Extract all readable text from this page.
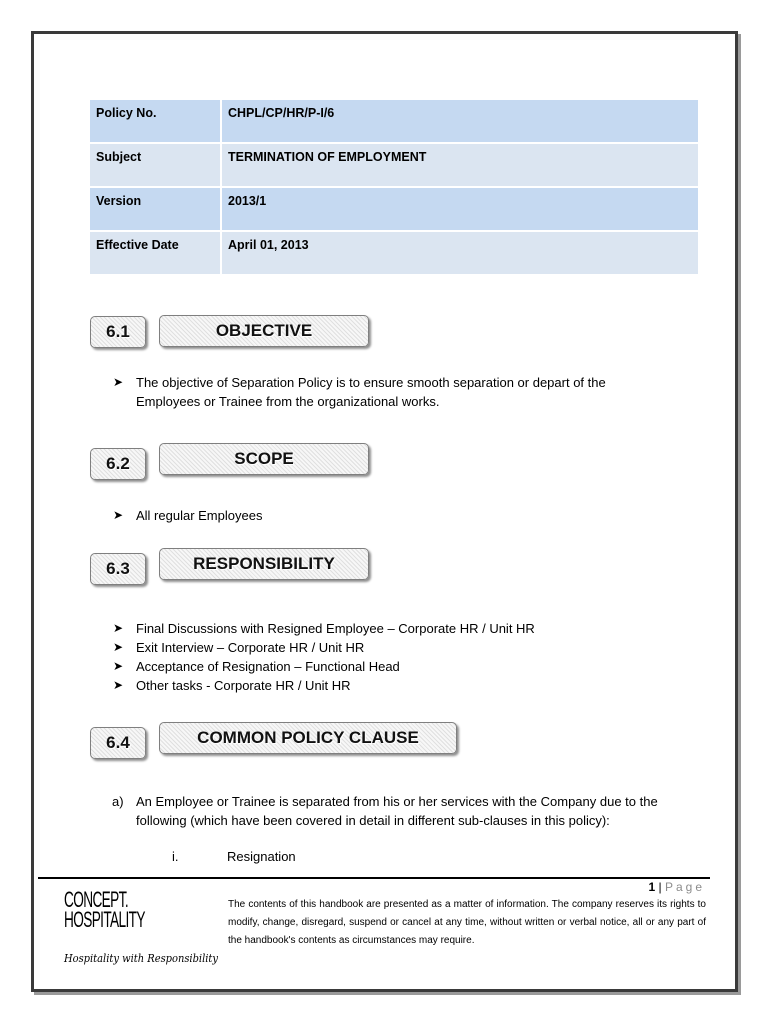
Policy No.	CHPL/CP/HR/P-I/6
Subject	TERMINATION OF EMPLOYMENT
Version	2013/1
Effective Date	April 01, 2013
6.1	OBJECTIVE
➤ The objective of Separation Policy is to ensure smooth separation or depart of the Employees or Trainee from the organizational works.
6.2	SCOPE
➤ All regular Employees
6.3	RESPONSIBILITY
➤ Final Discussions with Resigned Employee – Corporate HR / Unit HR
➤ Exit Interview – Corporate HR / Unit HR
➤ Acceptance of Resignation – Functional Head
➤ Other tasks - Corporate HR / Unit HR
6.4	COMMON POLICY CLAUSE
a) An Employee or Trainee is separated from his or her services with the Company due to the following (which have been covered in detail in different sub-clauses in this policy):
i.	Resignation
1 | Page
The contents of this handbook are presented as a matter of information. The company reserves its rights to modify, change, disregard, suspend or cancel at any time, without written or verbal notice, all or any part of the handbook's contents as circumstances may require.
CONCEPT.
HOSPITALITY

Hospitality with Responsibility
